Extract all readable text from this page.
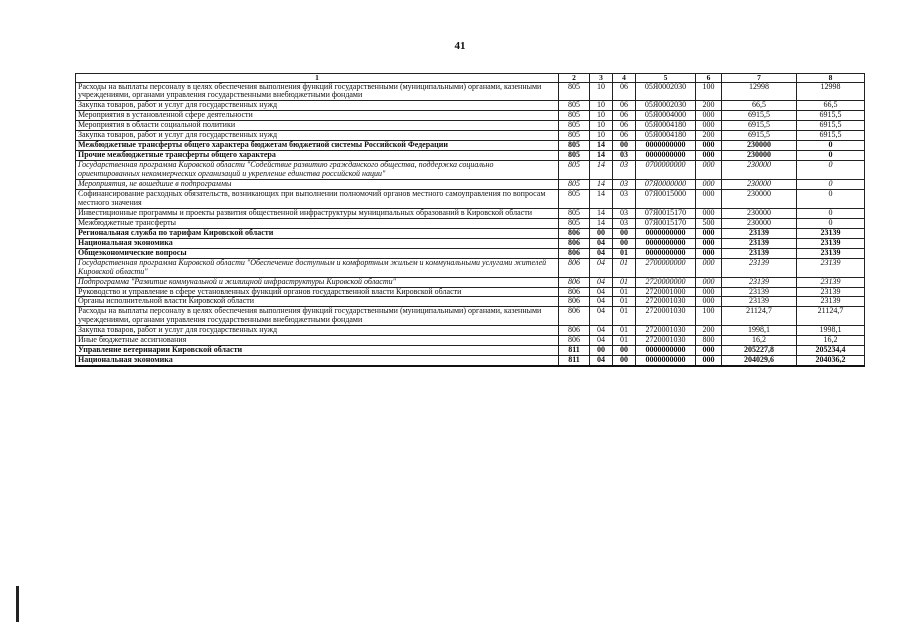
41
1	2	3	4	5	6	7	8
Расходы на выплаты персоналу в целях обеспечения выполнения функций государственными (муниципальными) органами, казенными учреждениями, органами управления государственными внебюджетными фондами	805	10	06	05Я0002030	100	12998	12998
Закупка товаров, работ и услуг для государственных нужд	805	10	06	05Я0002030	200	66,5	66,5
Мероприятия в установленной сфере деятельности	805	10	06	05Я0004000	000	6915,5	6915,5
Мероприятия в области социальной политики	805	10	06	05Я0004180	000	6915,5	6915,5
Закупка товаров, работ и услуг для государственных нужд	805	10	06	05Я0004180	200	6915,5	6915,5
Межбюджетные трансферты общего характера бюджетам бюджетной системы Российской Федерации	805	14	00	0000000000	000	230000	0
Прочие межбюджетные трансферты общего характера	805	14	03	0000000000	000	230000	0
Государственная программа Кировской области "Содействие развитию гражданского общества, поддержка социально ориентированных некоммерческих организаций и укрепление единства российской нации"	805	14	03	0700000000	000	230000	0
Мероприятия, не вошедшие в подпрограммы	805	14	03	07Я0000000	000	230000	0
Софинансирование расходных обязательств, возникающих при выполнении полномочий органов местного самоуправления по вопросам местного значения	805	14	03	07Я0015000	000	230000	0
Инвестиционные программы и проекты развития общественной инфраструктуры муниципальных образований в Кировской области	805	14	03	07Я0015170	000	230000	0
Межбюджетные трансферты	805	14	03	07Я0015170	500	230000	0
Региональная служба по тарифам Кировской области	806	00	00	0000000000	000	23139	23139
Национальная экономика	806	04	00	0000000000	000	23139	23139
Общеэкономические вопросы	806	04	01	0000000000	000	23139	23139
Государственная программа Кировской области "Обеспечение доступным и комфортным жильем и коммунальными услугами жителей Кировской области"	806	04	01	2700000000	000	23139	23139
Подпрограмма "Развитие коммунальной и жилищной инфраструктуры Кировской области"	806	04	01	2720000000	000	23139	23139
Руководство и управление в сфере установленных функций органов государственной власти Кировской области	806	04	01	2720001000	000	23139	23139
Органы исполнительной власти Кировской области	806	04	01	2720001030	000	23139	23139
Расходы на выплаты персоналу в целях обеспечения выполнения функций государственными (муниципальными) органами, казенными учреждениями, органами управления государственными внебюджетными фондами	806	04	01	2720001030	100	21124,7	21124,7
Закупка товаров, работ и услуг для государственных нужд	806	04	01	2720001030	200	1998,1	1998,1
Иные бюджетные ассигнования	806	04	01	2720001030	800	16,2	16,2
Управление ветеринарии Кировской области	811	00	00	0000000000	000	205227,8	205234,4
Национальная экономика	811	04	00	0000000000	000	204029,6	204036,2
